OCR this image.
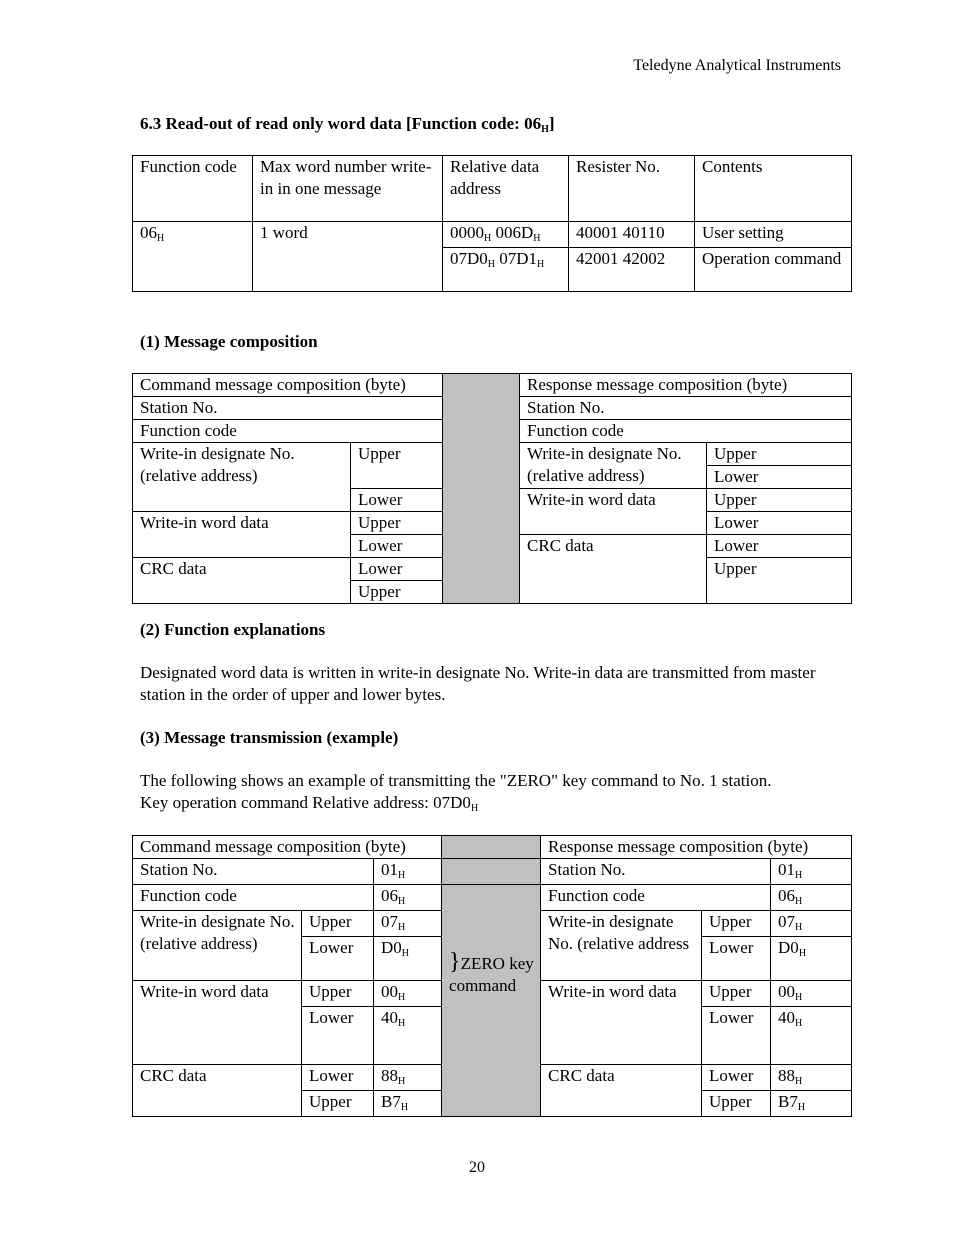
Teledyne Analytical Instruments
6.3 Read-out of read only word data [Function code: 06H]
Function code	Max word number write-in in one message	Relative data address	Resister No.	Contents
06H	1 word	0000H 006DH	40001 40110	User setting
		07D0H 07D1H	42001 42002	Operation command
(1) Message composition
Command message composition (byte)			Response message composition (byte)	
Station No.			Station No.	
Function code			Function code	
Write-in designate No. (relative address)	Upper		Write-in designate No. (relative address)	Upper
				Lower
	Lower		Write-in word data	Upper
Write-in word data	Upper			Lower
	Lower		CRC data	Lower
CRC data	Lower			Upper
	Upper			
(2) Function explanations
Designated word data is written in write-in designate No. Write-in data are transmitted from master station in the order of upper and lower bytes.
(3) Message transmission (example)
The following shows an example of transmitting the "ZERO" key command to No. 1 station.
Key operation command Relative address: 07D0H
Command message composition (byte)				Response message composition (byte)		
Station No.		01H		Station No.		01H
Function code		06H	}ZERO key command	Function code		06H
Write-in designate No. (relative address)	Upper	07H		Write-in designate No. (relative address	Upper	07H
	Lower	D0H			Lower	D0H
Write-in word data	Upper	00H		Write-in word data	Upper	00H
	Lower	40H			Lower	40H
CRC data	Lower	88H		CRC data	Lower	88H
	Upper	B7H			Upper	B7H
20
